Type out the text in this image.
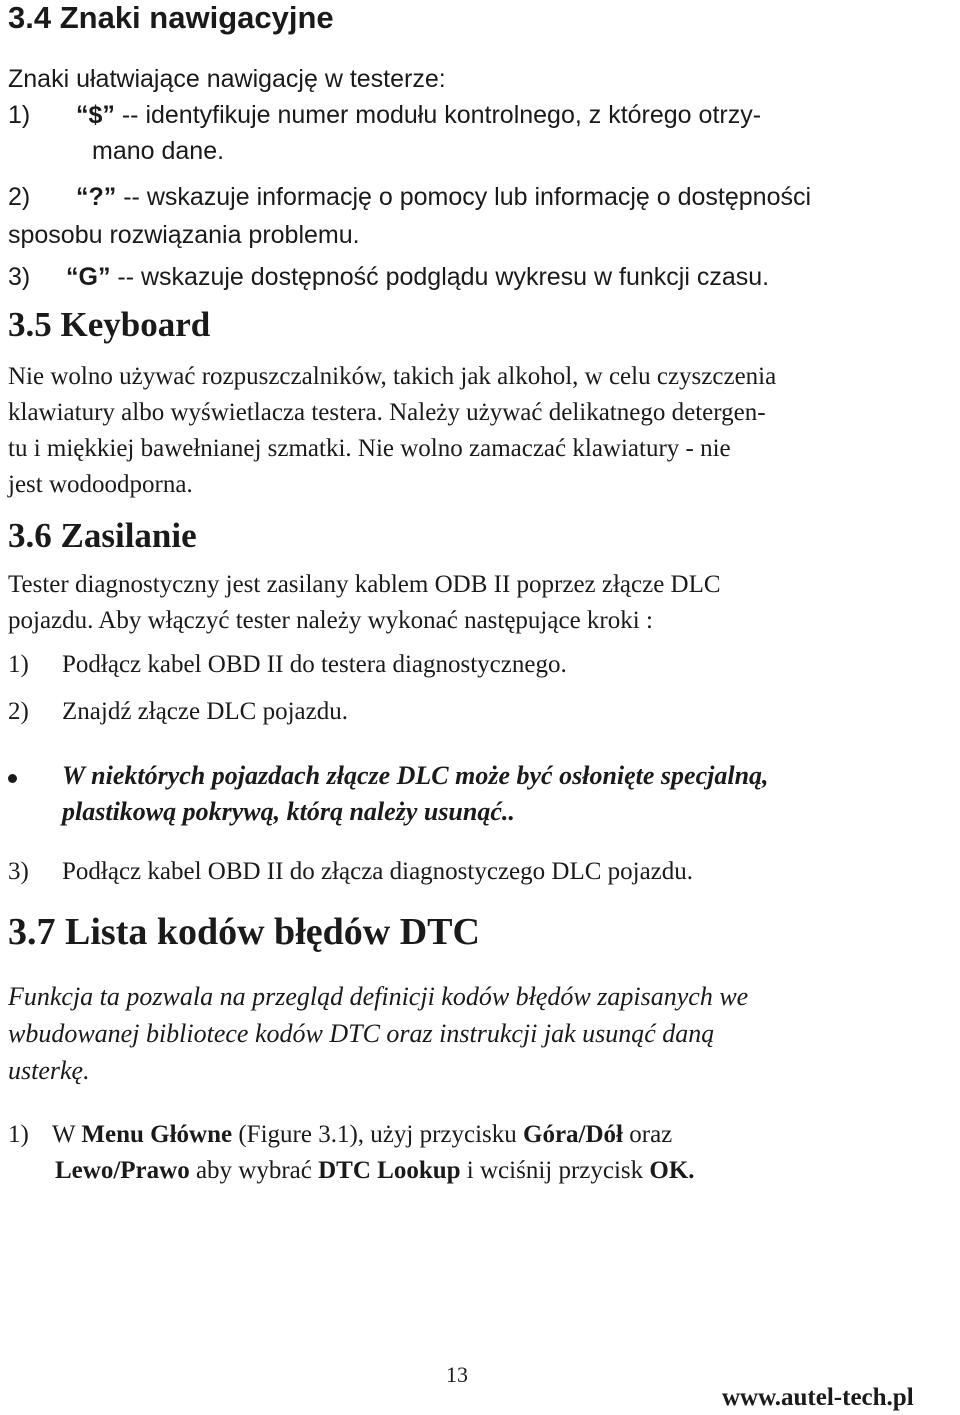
3.4 Znaki nawigacyjne
Znaki ułatwiające nawigację w testerze:
1) “$” -- identyfikuje numer modułu kontrolnego, z którego otrzy-
mano dane.
2) “?” -- wskazuje informację o pomocy lub informację o dostępności
sposobu rozwiązania problemu.
3) “G” -- wskazuje dostępność podglądu wykresu w funkcji czasu.
3.5 Keyboard
Nie wolno używać rozpuszczalników, takich jak alkohol, w celu czyszczenia
klawiatury albo wyświetlacza testera. Należy używać delikatnego detergen-
tu i miękkiej bawełnianej szmatki. Nie wolno zamaczać klawiatury - nie
jest wodoodporna.
3.6 Zasilanie
Tester diagnostyczny jest zasilany kablem ODB II poprzez złącze DLC
pojazdu. Aby włączyć tester należy wykonać następujące kroki :
1) Podłącz kabel OBD II do testera diagnostycznego.
2) Znajdź złącze DLC pojazdu.
W niektórych pojazdach złącze DLC może być osłonięte specjalną,
plastikową pokrywą, którą należy usunąć..
3) Podłącz kabel OBD II do złącza diagnostyczego DLC pojazdu.
3.7 Lista kodów błędów DTC
Funkcja ta pozwala na przegląd definicji kodów błędów zapisanych we
wbudowanej bibliotece kodów DTC oraz instrukcji jak usunąć daną
usterkę.
1) W Menu Główne (Figure 3.1), użyj przycisku Góra/Dół oraz
Lewo/Prawo aby wybrać DTC Lookup i wciśnij przycisk OK.
13
www.autel-tech.pl
